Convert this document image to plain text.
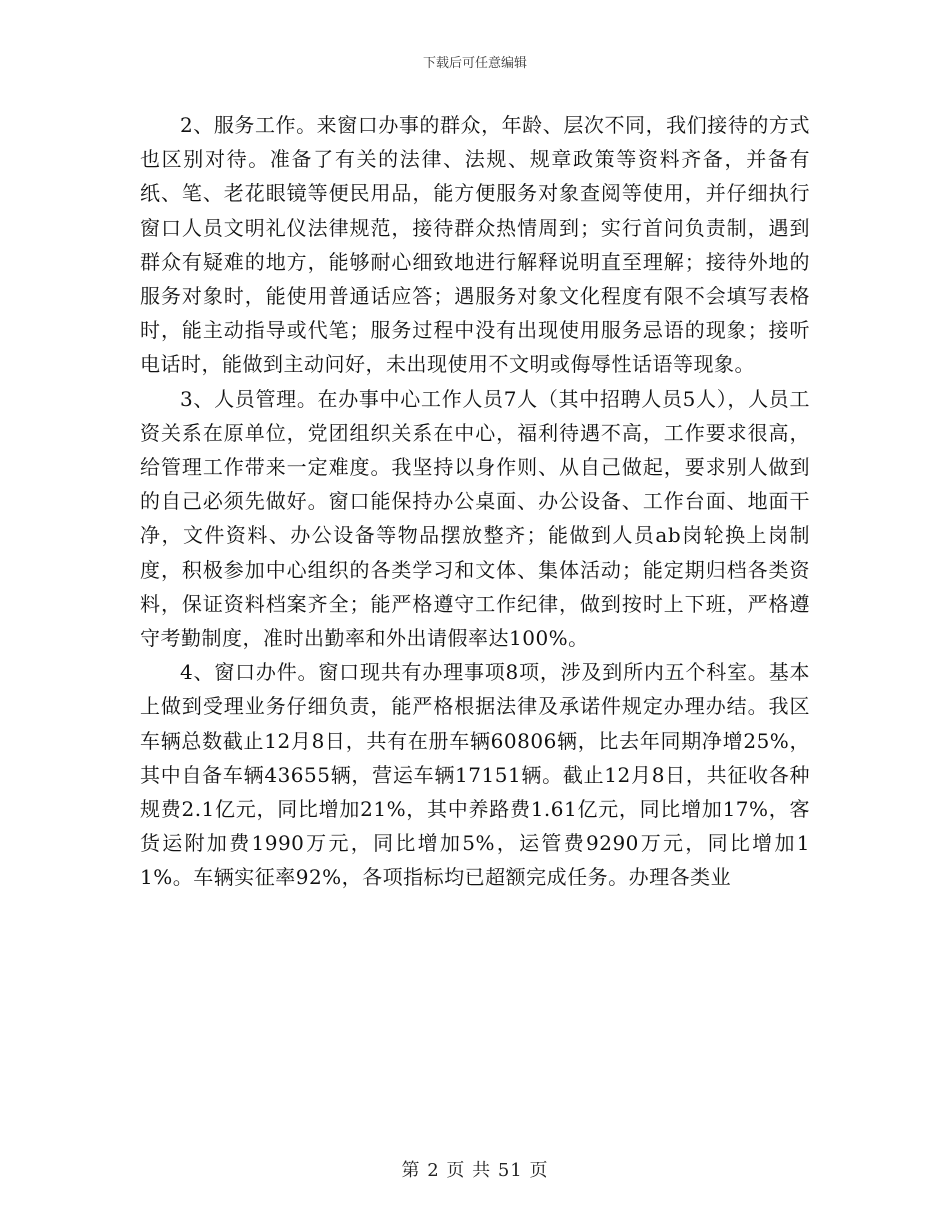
下载后可任意编辑

2、服务工作。来窗口办事的群众，年龄、层次不同，我们接待的方式也区别对待。准备了有关的法律、法规、规章政策等资料齐备，并备有纸、笔、老花眼镜等便民用品，能方便服务对象查阅等使用，并仔细执行窗口人员文明礼仪法律规范，接待群众热情周到；实行首问负责制，遇到群众有疑难的地方，能够耐心细致地进行解释说明直至理解；接待外地的服务对象时，能使用普通话应答；遇服务对象文化程度有限不会填写表格时，能主动指导或代笔；服务过程中没有出现使用服务忌语的现象；接听电话时，能做到主动问好，未出现使用不文明或侮辱性话语等现象。

3、人员管理。在办事中心工作人员7人（其中招聘人员5人），人员工资关系在原单位，党团组织关系在中心，福利待遇不高，工作要求很高，给管理工作带来一定难度。我坚持以身作则、从自己做起，要求别人做到的自己必须先做好。窗口能保持办公桌面、办公设备、工作台面、地面干净，文件资料、办公设备等物品摆放整齐；能做到人员ab岗轮换上岗制度，积极参加中心组织的各类学习和文体、集体活动；能定期归档各类资料，保证资料档案齐全；能严格遵守工作纪律，做到按时上下班，严格遵守考勤制度，准时出勤率和外出请假率达100%。

4、窗口办件。窗口现共有办理事项8项，涉及到所内五个科室。基本上做到受理业务仔细负责，能严格根据法律及承诺件规定办理办结。我区车辆总数截止12月8日，共有在册车辆60806辆，比去年同期净增25%，其中自备车辆43655辆，营运车辆17151辆。截止12月8日，共征收各种规费2.1亿元，同比增加21%，其中养路费1.61亿元，同比增加17%，客货运附加费1990万元，同比增加5%，运管费9290万元，同比增加11%。车辆实征率92%，各项指标均已超额完成任务。办理各类业

第 2 页 共 51 页
